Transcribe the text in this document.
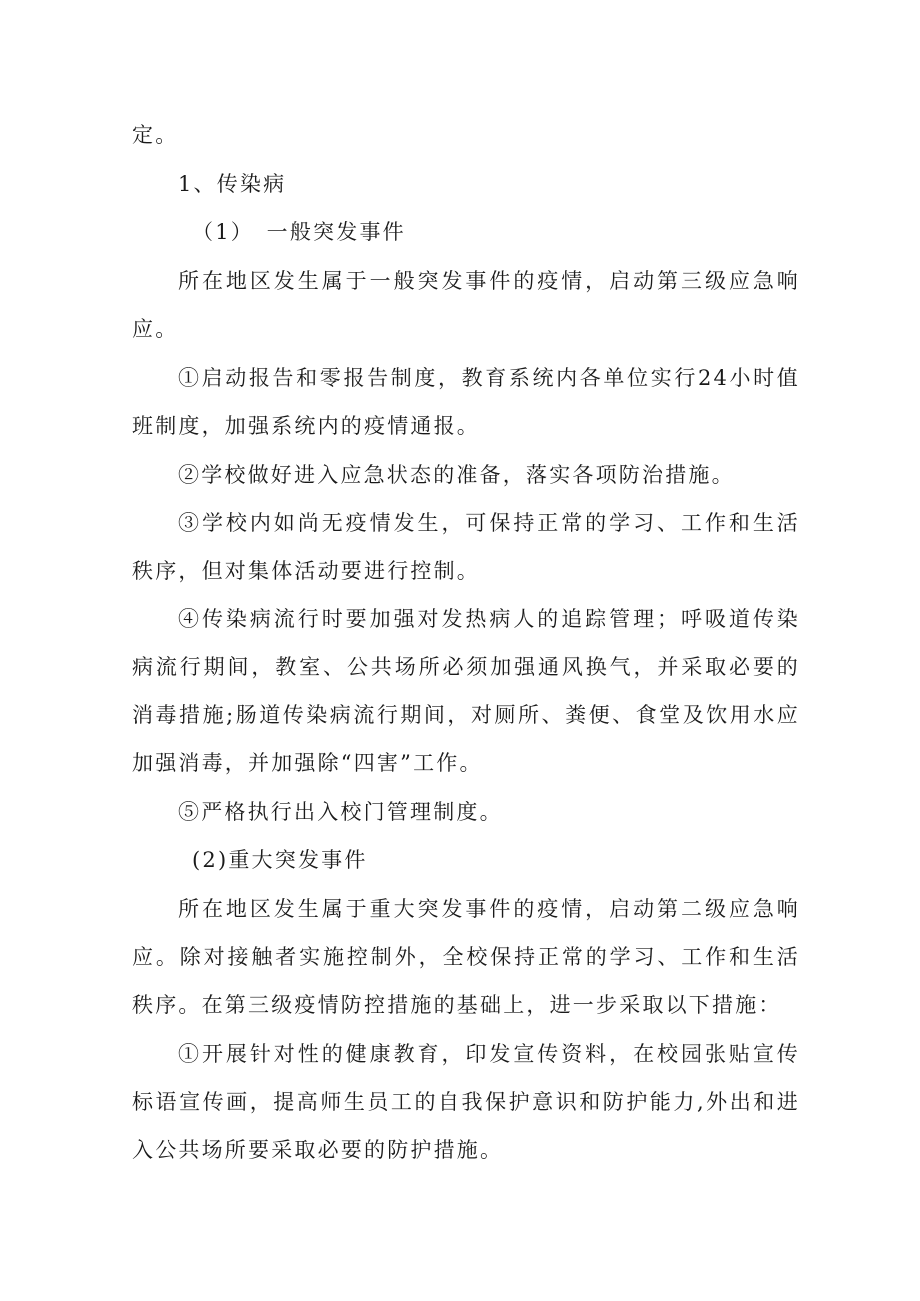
定。
1、传染病
（1）　一般突发事件
所在地区发生属于一般突发事件的疫情，启动第三级应急响应。
①启动报告和零报告制度，教育系统内各单位实行24小时值班制度，加强系统内的疫情通报。
②学校做好进入应急状态的准备，落实各项防治措施。
③学校内如尚无疫情发生，可保持正常的学习、工作和生活秩序，但对集体活动要进行控制。
④传染病流行时要加强对发热病人的追踪管理；呼吸道传染病流行期间，教室、公共场所必须加强通风换气，并采取必要的消毒措施;肠道传染病流行期间，对厕所、粪便、食堂及饮用水应加强消毒，并加强除“四害”工作。
⑤严格执行出入校门管理制度。
(2)重大突发事件
所在地区发生属于重大突发事件的疫情，启动第二级应急响应。除对接触者实施控制外，全校保持正常的学习、工作和生活秩序。在第三级疫情防控措施的基础上，进一步采取以下措施：
①开展针对性的健康教育，印发宣传资料，在校园张贴宣传标语宣传画，提高师生员工的自我保护意识和防护能力,外出和进入公共场所要采取必要的防护措施。
